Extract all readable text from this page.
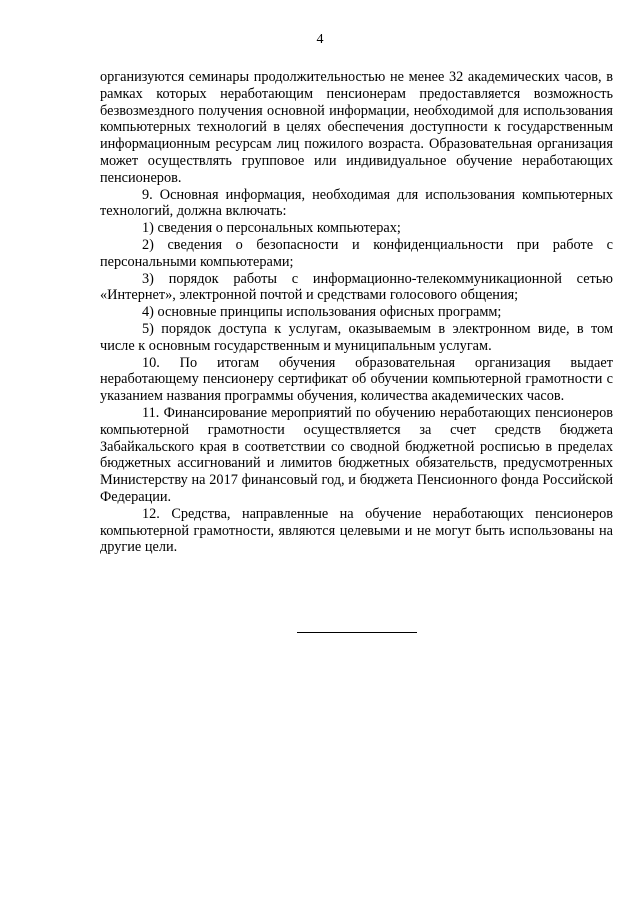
4

организуются семинары продолжительностью не менее 32 академических часов, в рамках которых неработающим пенсионерам предоставляется возможность безвозмездного получения основной информации, необходимой для использования компьютерных технологий в целях обеспечения доступности к государственным информационным ресурсам лиц пожилого возраста. Образовательная организация может осуществлять групповое или индивидуальное обучение неработающих пенсионеров.

9. Основная информация, необходимая для использования компьютерных технологий, должна включать:

1) сведения о персональных компьютерах;

2) сведения о безопасности и конфиденциальности при работе с персональными компьютерами;

3) порядок работы с информационно-телекоммуникационной сетью «Интернет», электронной почтой и средствами голосового общения;

4) основные принципы использования офисных программ;

5) порядок доступа к услугам, оказываемым в электронном виде, в том числе к основным государственным и муниципальным услугам.

10. По итогам обучения образовательная организация выдает неработающему пенсионеру сертификат об обучении компьютерной грамотности с указанием названия программы обучения, количества академических часов.

11. Финансирование мероприятий по обучению неработающих пенсионеров компьютерной грамотности осуществляется за счет средств бюджета Забайкальского края в соответствии со сводной бюджетной росписью в пределах бюджетных ассигнований и лимитов бюджетных обязательств, предусмотренных Министерству на 2017 финансовый год, и бюджета Пенсионного фонда Российской Федерации.

12. Средства, направленные на обучение неработающих пенсионеров компьютерной грамотности, являются целевыми и не могут быть использованы на другие цели.
